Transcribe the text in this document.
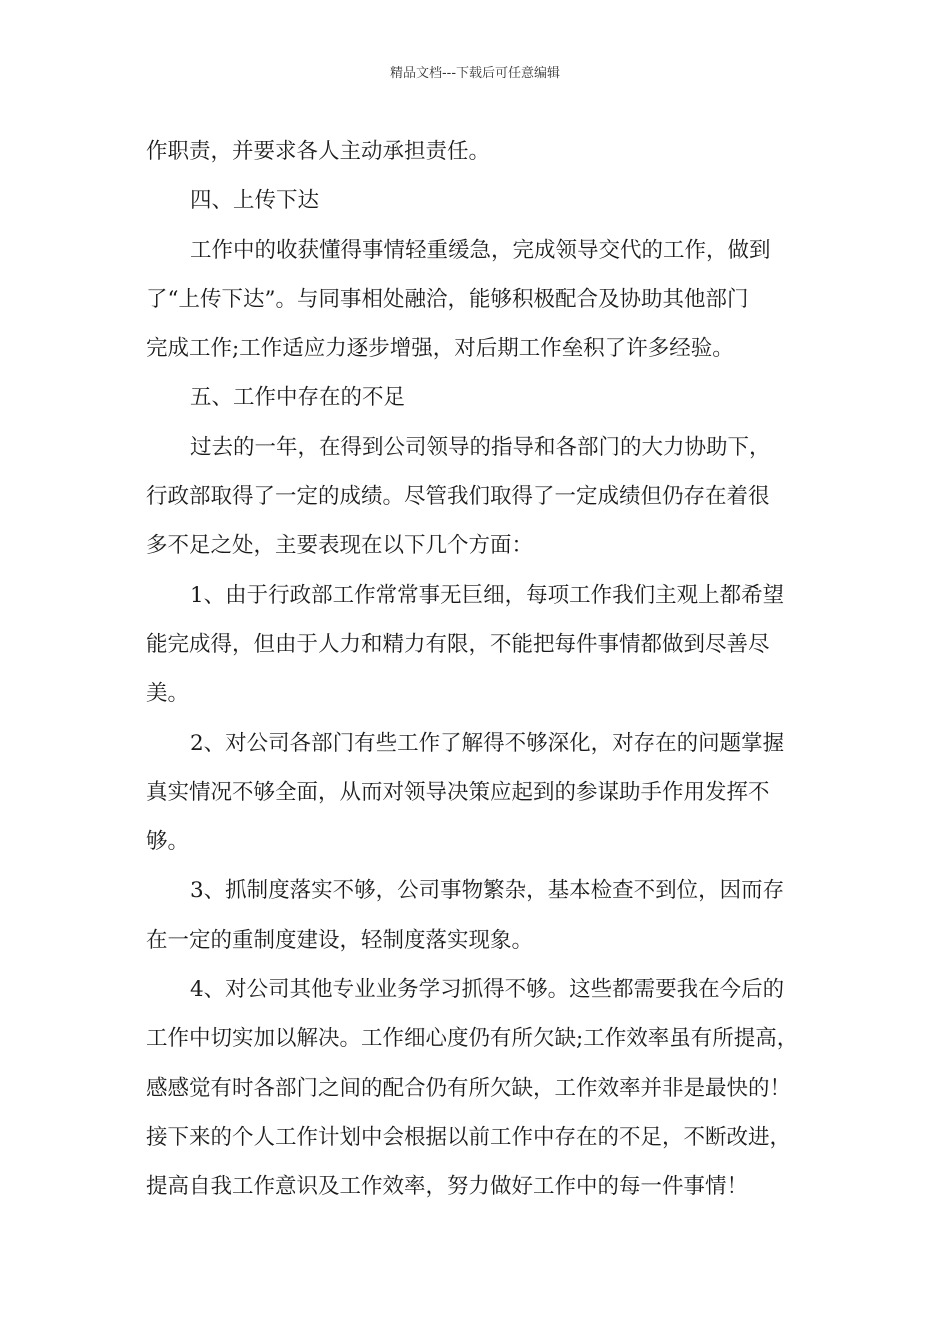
精品文档---下载后可任意编辑
作职责，并要求各人主动承担责任。
四、上传下达
工作中的收获懂得事情轻重缓急，完成领导交代的工作，做到
了“上传下达”。与同事相处融洽，能够积极配合及协助其他部门
完成工作;工作适应力逐步增强，对后期工作垒积了许多经验。
五、工作中存在的不足
过去的一年，在得到公司领导的指导和各部门的大力协助下，
行政部取得了一定的成绩。尽管我们取得了一定成绩但仍存在着很
多不足之处，主要表现在以下几个方面：
1、由于行政部工作常常事无巨细，每项工作我们主观上都希望
能完成得，但由于人力和精力有限，不能把每件事情都做到尽善尽
美。
2、对公司各部门有些工作了解得不够深化，对存在的问题掌握
真实情况不够全面，从而对领导决策应起到的参谋助手作用发挥不
够。
3、抓制度落实不够，公司事物繁杂，基本检查不到位，因而存
在一定的重制度建设，轻制度落实现象。
4、对公司其他专业业务学习抓得不够。这些都需要我在今后的
工作中切实加以解决。工作细心度仍有所欠缺;工作效率虽有所提高，
感感觉有时各部门之间的配合仍有所欠缺，工作效率并非是最快的！
接下来的个人工作计划中会根据以前工作中存在的不足，不断改进，
提高自我工作意识及工作效率，努力做好工作中的每一件事情！
